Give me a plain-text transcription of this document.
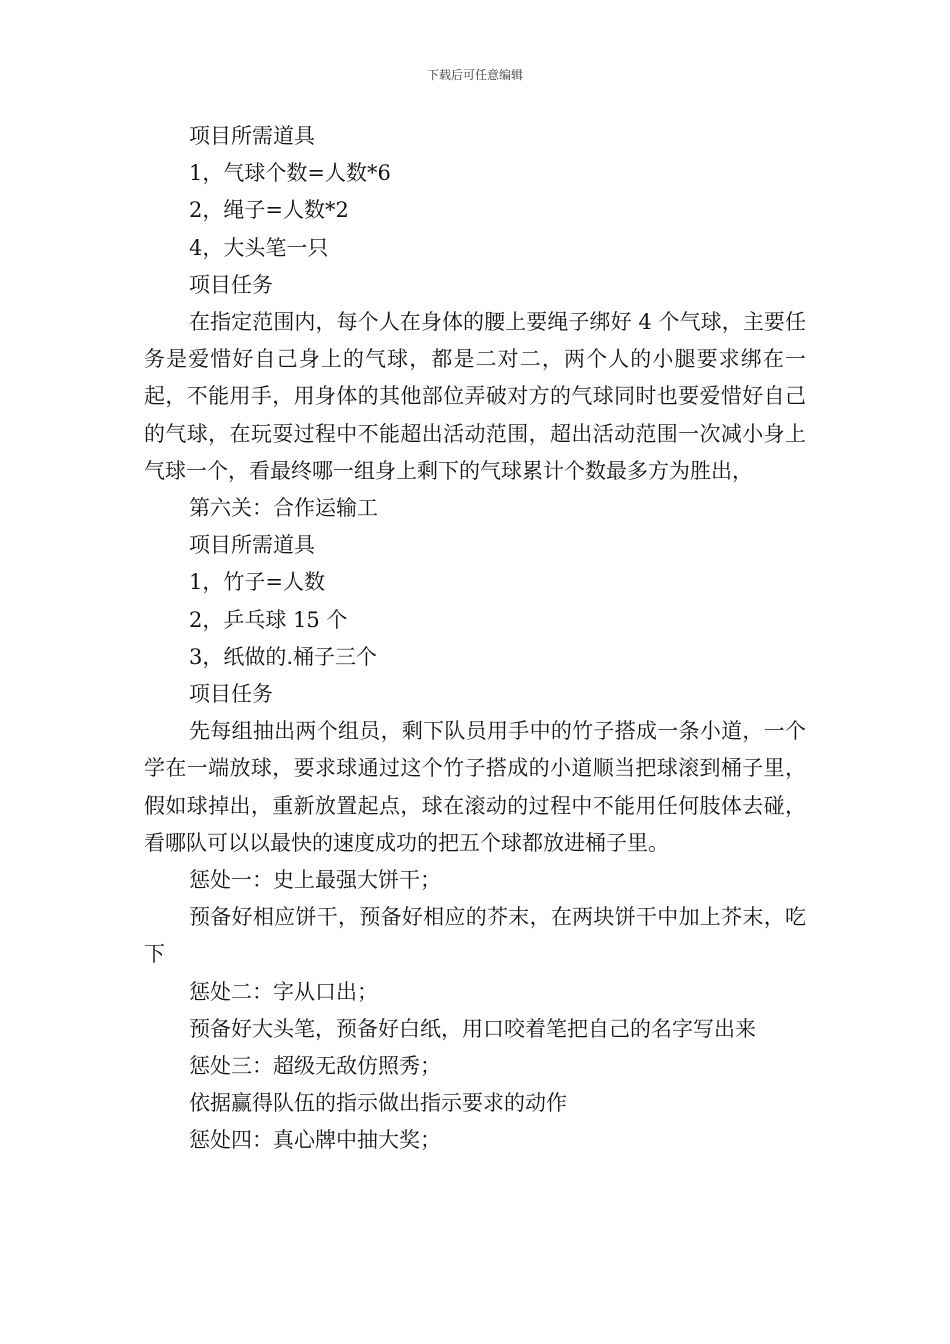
下载后可任意编辑

项目所需道具

1，气球个数=人数*6

2，绳子=人数*2

4，大头笔一只

项目任务

在指定范围内，每个人在身体的腰上要绳子绑好 4 个气球，主要任务是爱惜好自己身上的气球，都是二对二，两个人的小腿要求绑在一起，不能用手，用身体的其他部位弄破对方的气球同时也要爱惜好自己的气球，在玩耍过程中不能超出活动范围，超出活动范围一次减小身上气球一个，看最终哪一组身上剩下的气球累计个数最多方为胜出，

第六关：合作运输工

项目所需道具

1，竹子=人数

2，乒乓球 15 个

3，纸做的.桶子三个

项目任务

先每组抽出两个组员，剩下队员用手中的竹子搭成一条小道，一个学在一端放球，要求球通过这个竹子搭成的小道顺当把球滚到桶子里，假如球掉出，重新放置起点，球在滚动的过程中不能用任何肢体去碰，看哪队可以以最快的速度成功的把五个球都放进桶子里。

惩处一：史上最强大饼干；

预备好相应饼干，预备好相应的芥末，在两块饼干中加上芥末，吃下

惩处二：字从口出；

预备好大头笔，预备好白纸，用口咬着笔把自己的名字写出来

惩处三：超级无敌仿照秀；

依据赢得队伍的指示做出指示要求的动作

惩处四：真心牌中抽大奖；
